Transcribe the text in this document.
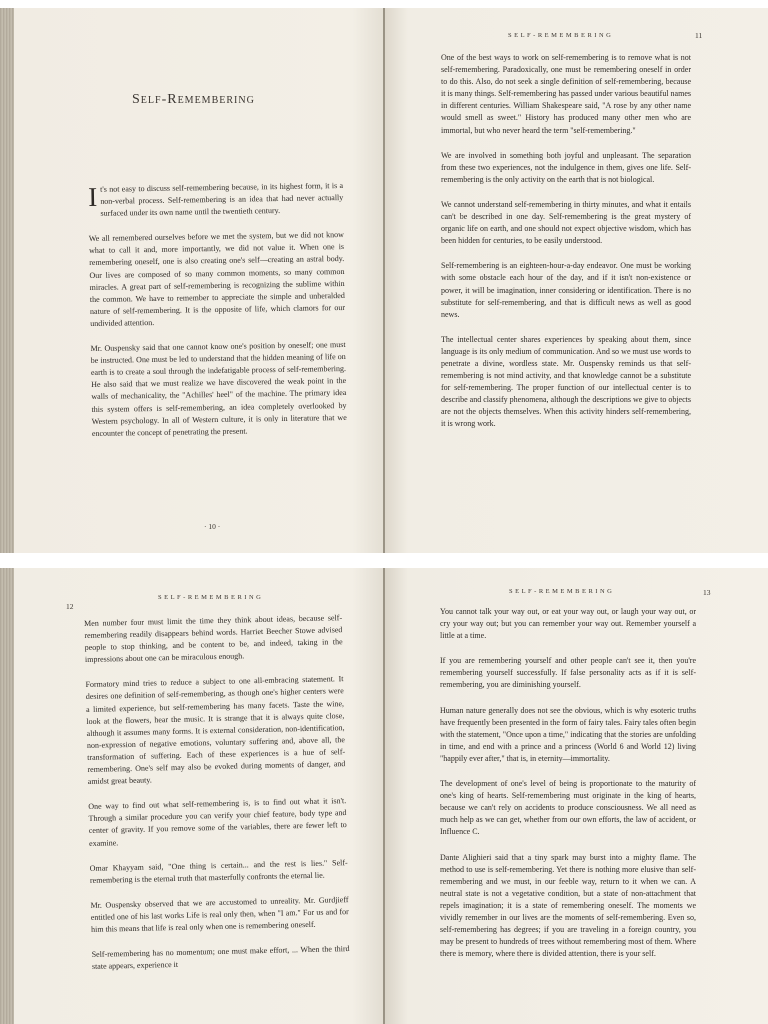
Self-Remembering

It's not easy to discuss self-remembering because, in its highest form, it is a non-verbal process. Self-remembering is an idea that had never actually surfaced under its own name until the twentieth century.

We all remembered ourselves before we met the system, but we did not know what to call it and, more importantly, we did not value it. When one is remembering oneself, one is also creating one's self—creating an astral body. Our lives are composed of so many common moments, so many common miracles. A great part of self-remembering is recognizing the sublime within the common. We have to remember to appreciate the simple and unheralded nature of self-remembering. It is the opposite of life, which clamors for our undivided attention.

Mr. Ouspensky said that one cannot know one's position by oneself; one must be instructed. One must be led to understand that the hidden meaning of life on earth is to create a soul through the indefatigable process of self-remembering. He also said that we must realize we have discovered the weak point in the walls of mechanicality, the "Achilles' heel" of the machine. The primary idea this system offers is self-remembering, an idea completely overlooked by Western psychology. In all of Western culture, it is only in literature that we encounter the concept of penetrating the present.

· 10 ·
SELF-REMEMBERING	11

One of the best ways to work on self-remembering is to remove what is not self-remembering. Paradoxically, one must be remembering oneself in order to do this. Also, do not seek a single definition of self-remembering, because it is many things. Self-remembering has passed under various beautiful names in different centuries. William Shakespeare said, "A rose by any other name would smell as sweet." History has produced many other men who are immortal, but who never heard the term "self-remembering."

We are involved in something both joyful and unpleasant. The separation from these two experiences, not the indulgence in them, gives one life. Self-remembering is the only activity on the earth that is not biological.

We cannot understand self-remembering in thirty minutes, and what it entails can't be described in one day. Self-remembering is the great mystery of organic life on earth, and one should not expect objective wisdom, which has been hidden for centuries, to be easily understood.

Self-remembering is an eighteen-hour-a-day endeavor. One must be working with some obstacle each hour of the day, and if it isn't non-existence or power, it will be imagination, inner considering or identification. There is no substitute for self-remembering, and that is difficult news as well as good news.

The intellectual center shares experiences by speaking about them, since language is its only medium of communication. And so we must use words to penetrate a divine, wordless state. Mr. Ouspensky reminds us that self-remembering is not mind activity, and that knowledge cannot be a substitute for self-remembering. The proper function of our intellectual center is to describe and classify phenomena, although the descriptions we give to objects are not the objects themselves. When this activity hinders self-remembering, it is wrong work.

12
SELF-REMEMBERING

Men number four must limit the time they think about ideas, because self-remembering readily disappears behind words. Harriet Beecher Stowe advised people to stop thinking, and be content to be, and indeed, taking in the impressions about one can be miraculous enough.

Formatory mind tries to reduce a subject to one all-embracing statement. It desires one definition of self-remembering, as though one's higher centers were a limited experience, but self-remembering has many facets. Taste the wine, look at the flowers, hear the music. It is strange that it is always quite close, although it assumes many forms. It is external consideration, non-identification, non-expression of negative emotions, voluntary suffering and, above all, the transformation of suffering. Each of these experiences is a hue of self-remembering. One's self may also be evoked during moments of danger, and amidst great beauty.

One way to find out what self-remembering is, is to find out what it isn't. Through a similar procedure you can verify your chief feature, body type and center of gravity. If you remove some of the variables, there are fewer left to examine.

Omar Khayyam said, "One thing is certain... and the rest is lies." Self-remembering is the eternal truth that masterfully confronts the eternal lie.

Mr. Ouspensky observed that we are accustomed to unreality. Mr. Gurdjieff entitled one of his last works Life is real only then, when "I am." For us and for him this means that life is real only when one is remembering oneself.

Self-remembering has no momentum; one must make effort, ... When the third state appears, experience it

SELF-REMEMBERING	13

You cannot talk your way out, or eat your way out, or laugh your way out, or cry your way out; but you can remember your way out. Remember yourself a little at a time.

If you are remembering yourself and other people can't see it, then you're remembering yourself successfully. If false personality acts as if it is self-remembering, you are diminishing yourself.

Human nature generally does not see the obvious, which is why esoteric truths have frequently been presented in the form of fairy tales. Fairy tales often begin with the statement, "Once upon a time," indicating that the stories are unfolding in time, and end with a prince and a princess (World 6 and World 12) living "happily ever after," that is, in eternity—immortality.

The development of one's level of being is proportionate to the maturity of one's king of hearts. Self-remembering must originate in the king of hearts, because we can't rely on accidents to produce consciousness. We all need as much help as we can get, whether from our own efforts, the law of accident, or Influence C.

Dante Alighieri said that a tiny spark may burst into a mighty flame. The method to use is self-remembering. Yet there is nothing more elusive than self-remembering and we must, in our feeble way, return to it when we can. A neutral state is not a vegetative condition, but a state of non-attachment that repels imagination; it is a state of remembering oneself. The moments we vividly remember in our lives are the moments of self-remembering. Even so, self-remembering has degrees; if you are traveling in a foreign country, you may be present to hundreds of trees without remembering most of them. Where there is memory, where there is divided attention, there is your self.
